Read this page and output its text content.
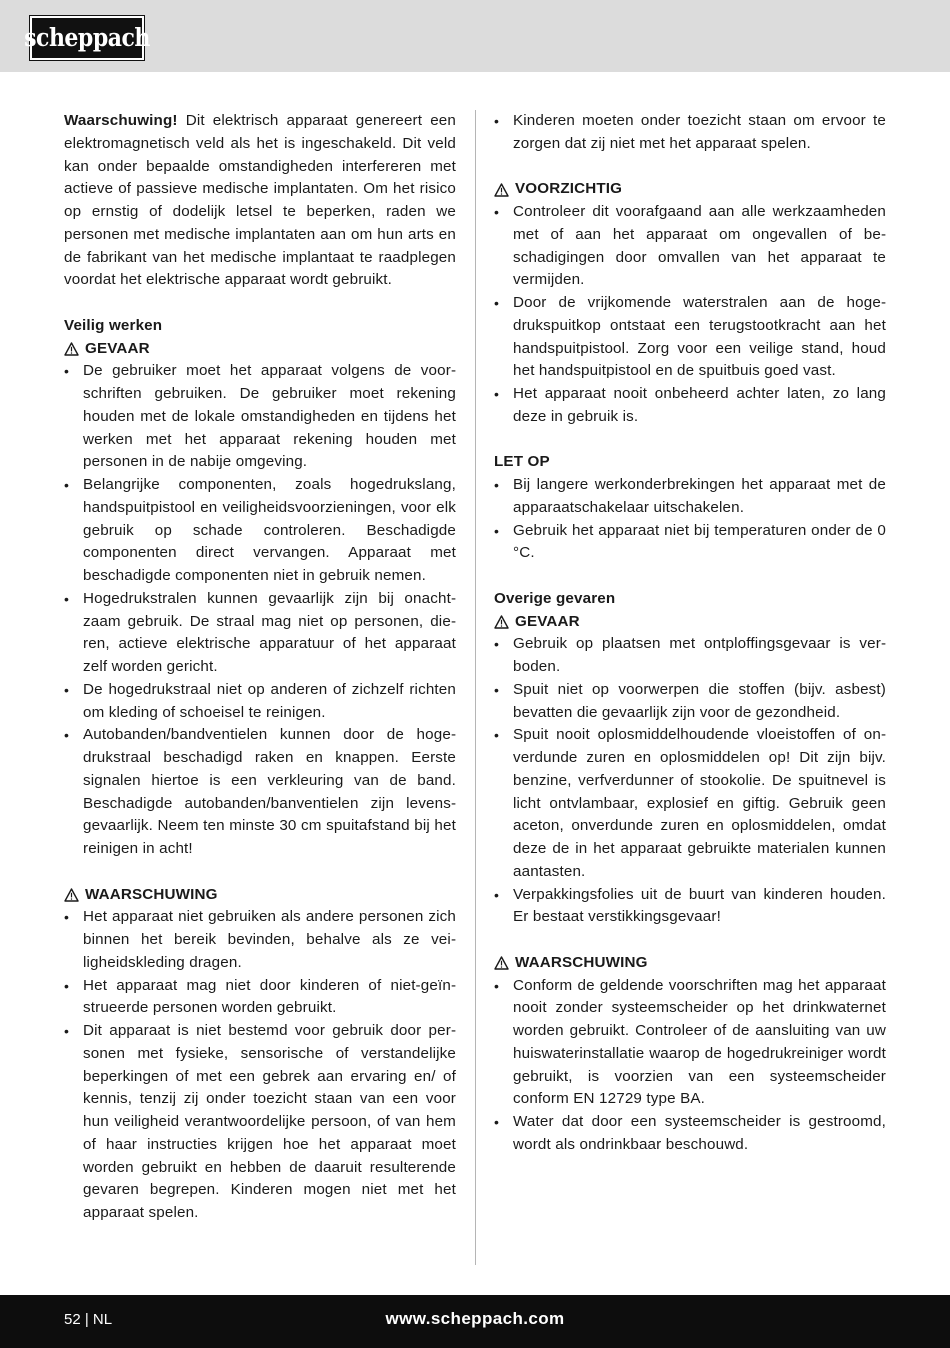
scheppach

Waarschuwing! Dit elektrisch apparaat genereert een elektromagnetisch veld als het is ingeschakeld. Dit veld kan onder bepaalde omstandigheden interfereren met actieve of passieve medische implantaten. Om het risico op ernstig of dodelijk letsel te beperken, raden we personen met medische implantaten aan om hun arts en de fabrikant van het medische implantaat te raadplegen voordat het elektrische apparaat wordt gebruikt.

Veilig werken

GEVAAR

• De gebruiker moet het apparaat volgens de voorschriften gebruiken. De gebruiker moet rekening houden met de lokale omstandigheden en tijdens het werken met het apparaat rekening houden met personen in de nabije omgeving.
• Belangrijke componenten, zoals hogedrukslang, handspuitpistool en veiligheidsvoorzieningen, voor elk gebruik op schade controleren. Beschadigde componenten direct vervangen. Apparaat met beschadigde componenten niet in gebruik nemen.
• Hogedrukstralen kunnen gevaarlijk zijn bij onachtzaam gebruik. De straal mag niet op personen, dieren, actieve elektrische apparatuur of het apparaat zelf worden gericht.
• De hogedrukstraal niet op anderen of zichzelf richten om kleding of schoeisel te reinigen.
• Autobanden/bandventielen kunnen door de hogedrukstraal beschadigd raken en knappen. Eerste signalen hiertoe is een verkleuring van de band. Beschadigde autobanden/banventielen zijn levensgevaarlijk. Neem ten minste 30 cm spuitafstand bij het reinigen in acht!

WAARSCHUWING

• Het apparaat niet gebruiken als andere personen zich binnen het bereik bevinden, behalve als ze veiligheidskleding dragen.
• Het apparaat mag niet door kinderen of niet-geïnstrueerde personen worden gebruikt.
• Dit apparaat is niet bestemd voor gebruik door personen met fysieke, sensorische of verstandelijke beperkingen of met een gebrek aan ervaring en/ of kennis, tenzij zij onder toezicht staan van een voor hun veiligheid verantwoordelijke persoon, of van hem of haar instructies krijgen hoe het apparaat moet worden gebruikt en hebben de daaruit resulterende gevaren begrepen. Kinderen mogen niet met het apparaat spelen.
• Kinderen moeten onder toezicht staan om ervoor te zorgen dat zij niet met het apparaat spelen.

VOORZICHTIG

• Controleer dit voorafgaand aan alle werkzaamheden met of aan het apparaat om ongevallen of beschadigingen door omvallen van het apparaat te vermijden.
• Door de vrijkomende waterstralen aan de hogedrukspuitkop ontstaat een terugstootkracht aan het handspuitpistool. Zorg voor een veilige stand, houd het handspuitpistool en de spuitbuis goed vast.
• Het apparaat nooit onbeheerd achter laten, zo lang deze in gebruik is.

LET OP

• Bij langere werkonderbrekingen het apparaat met de apparaatschakelaar uitschakelen.
• Gebruik het apparaat niet bij temperaturen onder de 0 °C.

Overige gevaren

GEVAAR

• Gebruik op plaatsen met ontploffingsgevaar is verboden.
• Spuit niet op voorwerpen die stoffen (bijv. asbest) bevatten die gevaarlijk zijn voor de gezondheid.
• Spuit nooit oplosmiddelhoudende vloeistoffen of onverdunde zuren en oplosmiddelen op! Dit zijn bijv. benzine, verfverdunner of stookolie. De spuitnevel is licht ontvlambaar, explosief en giftig. Gebruik geen aceton, onverdunde zuren en oplosmiddelen, omdat deze de in het apparaat gebruikte materialen kunnen aantasten.
• Verpakkingsfolies uit de buurt van kinderen houden. Er bestaat verstikkingsgevaar!

WAARSCHUWING

• Conform de geldende voorschriften mag het apparaat nooit zonder systeemscheider op het drinkwaternet worden gebruikt. Controleer of de aansluiting van uw huiswaterinstallatie waarop de hogedrukreiniger wordt gebruikt, is voorzien van een systeemscheider conform EN 12729 type BA.
• Water dat door een systeemscheider is gestroomd, wordt als ondrinkbaar beschouwd.
52 | NL	www.scheppach.com
